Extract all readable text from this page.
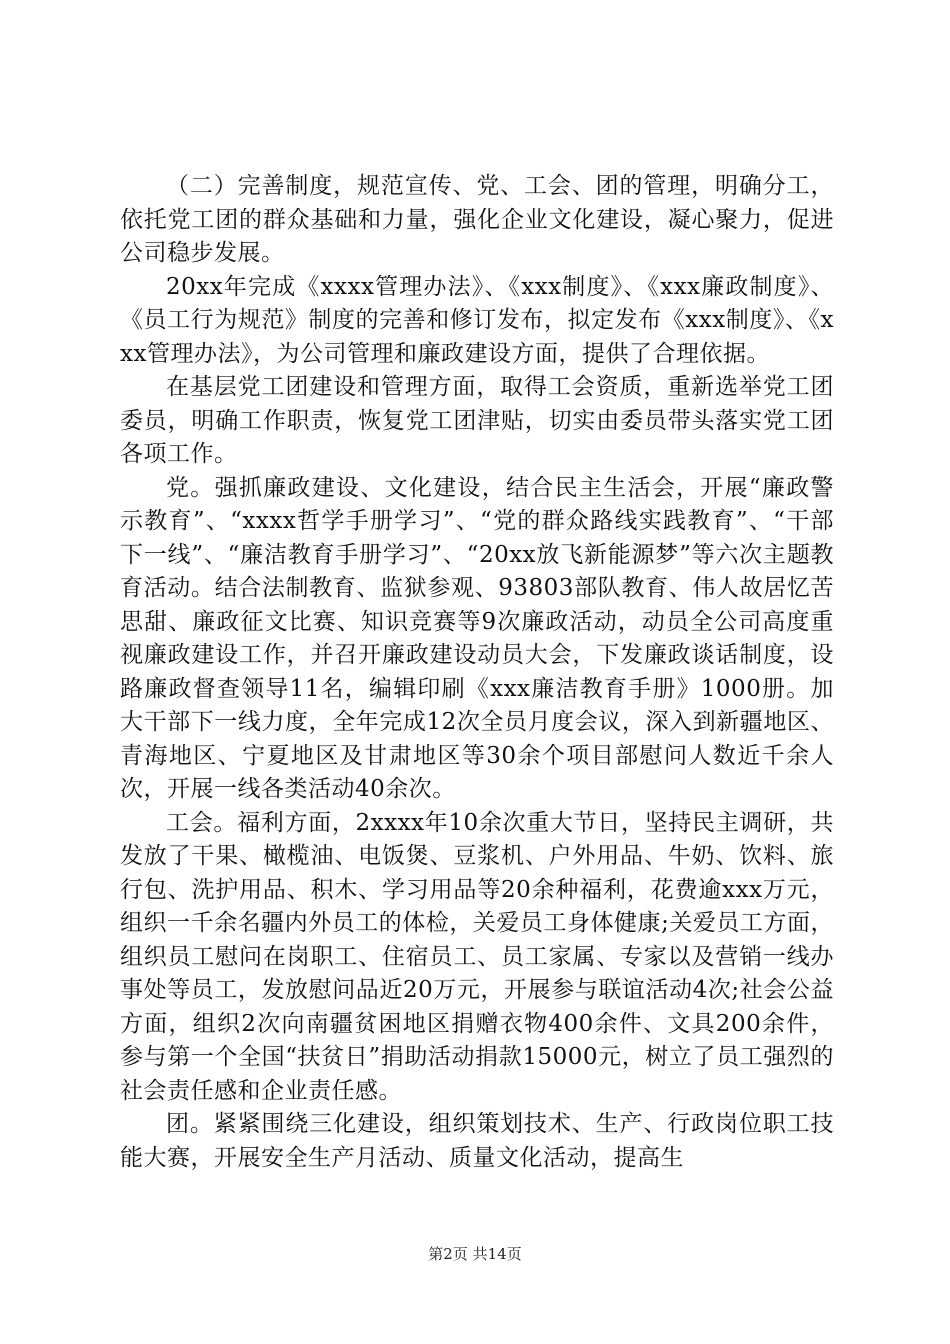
（二）完善制度，规范宣传、党、工会、团的管理，明确分工，依托党工团的群众基础和力量，强化企业文化建设，凝心聚力，促进公司稳步发展。

20xx年完成《xxxx管理办法》、《xxx制度》、《xxx廉政制度》、《员工行为规范》制度的完善和修订发布，拟定发布《xxx制度》、《xxx管理办法》，为公司管理和廉政建设方面，提供了合理依据。

在基层党工团建设和管理方面，取得工会资质，重新选举党工团委员，明确工作职责，恢复党工团津贴，切实由委员带头落实党工团各项工作。

党。强抓廉政建设、文化建设，结合民主生活会，开展“廉政警示教育”、“xxxx哲学手册学习”、“党的群众路线实践教育”、“干部下一线”、“廉洁教育手册学习”、“20xx放飞新能源梦”等六次主题教育活动。结合法制教育、监狱参观、93803部队教育、伟人故居忆苦思甜、廉政征文比赛、知识竞赛等9次廉政活动，动员全公司高度重视廉政建设工作，并召开廉政建设动员大会，下发廉政谈话制度，设路廉政督查领导11名，编辑印刷《xxx廉洁教育手册》1000册。加大干部下一线力度，全年完成12次全员月度会议，深入到新疆地区、青海地区、宁夏地区及甘肃地区等30余个项目部慰问人数近千余人次，开展一线各类活动40余次。

工会。福利方面，2xxxx年10余次重大节日，坚持民主调研，共发放了干果、橄榄油、电饭煲、豆浆机、户外用品、牛奶、饮料、旅行包、洗护用品、积木、学习用品等20余种福利，花费逾xxx万元，组织一千余名疆内外员工的体检，关爱员工身体健康;关爱员工方面，组织员工慰问在岗职工、住宿员工、员工家属、专家以及营销一线办事处等员工，发放慰问品近20万元，开展参与联谊活动4次;社会公益方面，组织2次向南疆贫困地区捐赠衣物400余件、文具200余件，参与第一个全国“扶贫日”捐助活动捐款15000元，树立了员工强烈的社会责任感和企业责任感。

团。紧紧围绕三化建设，组织策划技术、生产、行政岗位职工技能大赛，开展安全生产月活动、质量文化活动，提高生

第2页 共14页
